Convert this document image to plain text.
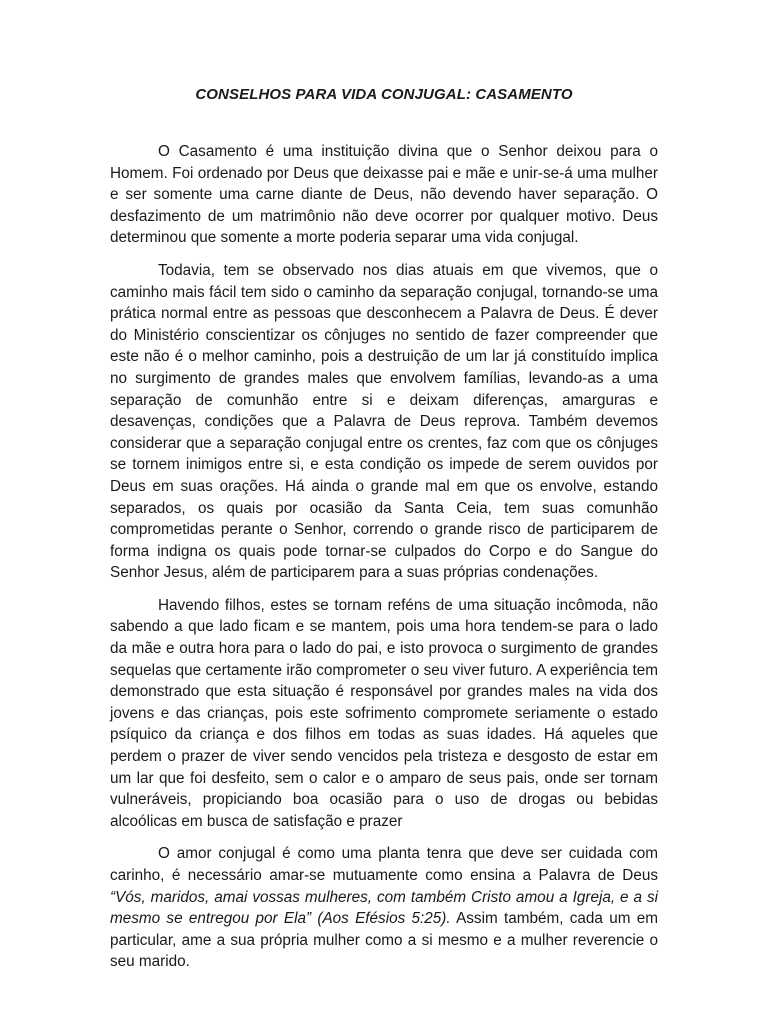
CONSELHOS PARA VIDA CONJUGAL: CASAMENTO

O Casamento é uma instituição divina que o Senhor deixou para o Homem. Foi ordenado por Deus que deixasse pai e mãe e unir-se-á uma mulher e ser somente uma carne diante de Deus, não devendo haver separação. O desfazimento de um matrimônio não deve ocorrer por qualquer motivo. Deus determinou que somente a morte poderia separar uma vida conjugal.

Todavia, tem se observado nos dias atuais em que vivemos, que o caminho mais fácil tem sido o caminho da separação conjugal, tornando-se uma prática normal entre as pessoas que desconhecem a Palavra de Deus. É dever do Ministério conscientizar os cônjuges no sentido de fazer compreender que este não é o melhor caminho, pois a destruição de um lar já constituído implica no surgimento de grandes males que envolvem famílias, levando-as a uma separação de comunhão entre si e deixam diferenças, amarguras e desavenças, condições que a Palavra de Deus reprova. Também devemos considerar que a separação conjugal entre os crentes, faz com que os cônjuges se tornem inimigos entre si, e esta condição os impede de serem ouvidos por Deus em suas orações. Há ainda o grande mal em que os envolve, estando separados, os quais por ocasião da Santa Ceia, tem suas comunhão comprometidas perante o Senhor, correndo o grande risco de participarem de forma indigna os quais pode tornar-se culpados do Corpo e do Sangue do Senhor Jesus, além de participarem para a suas próprias condenações.

Havendo filhos, estes se tornam reféns de uma situação incômoda, não sabendo a que lado ficam e se mantem, pois uma hora tendem-se para o lado da mãe e outra hora para o lado do pai, e isto provoca o surgimento de grandes sequelas que certamente irão comprometer o seu viver futuro. A experiência tem demonstrado que esta situação é responsável por grandes males na vida dos jovens e das crianças, pois este sofrimento compromete seriamente o estado psíquico da criança e dos filhos em todas as suas idades. Há aqueles que perdem o prazer de viver sendo vencidos pela tristeza e desgosto de estar em um lar que foi desfeito, sem o calor e o amparo de seus pais, onde ser tornam vulneráveis, propiciando boa ocasião para o uso de drogas ou bebidas alcoólicas em busca de satisfação e prazer

O amor conjugal é como uma planta tenra que deve ser cuidada com carinho, é necessário amar-se mutuamente como ensina a Palavra de Deus “Vós, maridos, amai vossas mulheres, com também Cristo amou a Igreja, e a si mesmo se entregou por Ela” (Aos Efésios 5:25). Assim também, cada um em particular, ame a sua própria mulher como a si mesmo e a mulher reverencie o seu marido.
